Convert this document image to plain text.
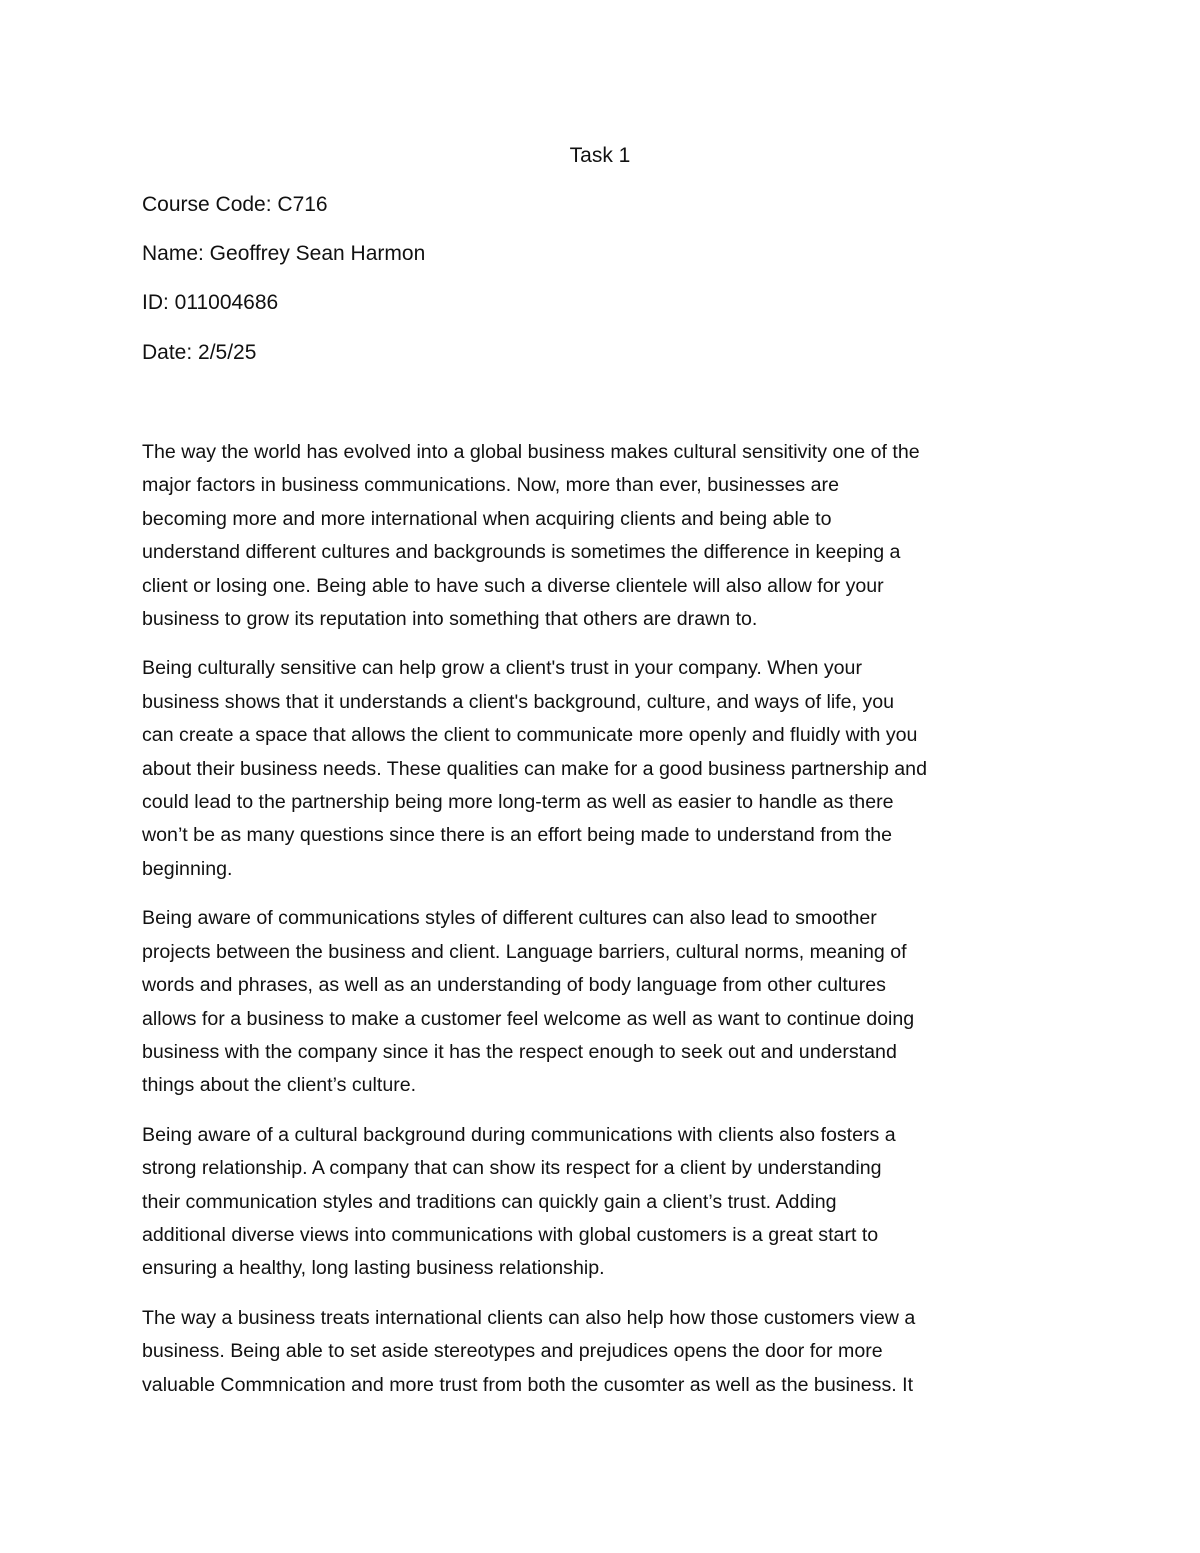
Task 1
Course Code: C716
Name: Geoffrey Sean Harmon
ID: 011004686
Date: 2/5/25

The way the world has evolved into a global business makes cultural sensitivity one of the
major factors in business communications. Now, more than ever, businesses are
becoming more and more international when acquiring clients and being able to
understand different cultures and backgrounds is sometimes the difference in keeping a
client or losing one. Being able to have such a diverse clientele will also allow for your
business to grow its reputation into something that others are drawn to.

Being culturally sensitive can help grow a client's trust in your company. When your
business shows that it understands a client's background, culture, and ways of life, you
can create a space that allows the client to communicate more openly and fluidly with you
about their business needs. These qualities can make for a good business partnership and
could lead to the partnership being more long-term as well as easier to handle as there
won’t be as many questions since there is an effort being made to understand from the
beginning.

Being aware of communications styles of different cultures can also lead to smoother
projects between the business and client. Language barriers, cultural norms, meaning of
words and phrases, as well as an understanding of body language from other cultures
allows for a business to make a customer feel welcome as well as want to continue doing
business with the company since it has the respect enough to seek out and understand
things about the client’s culture.

Being aware of a cultural background during communications with clients also fosters a
strong relationship. A company that can show its respect for a client by understanding
their communication styles and traditions can quickly gain a client’s trust. Adding
additional diverse views into communications with global customers is a great start to
ensuring a healthy, long lasting business relationship.

The way a business treats international clients can also help how those customers view a
business. Being able to set aside stereotypes and prejudices opens the door for more
valuable Commnication and more trust from both the cusomter as well as the business. It
